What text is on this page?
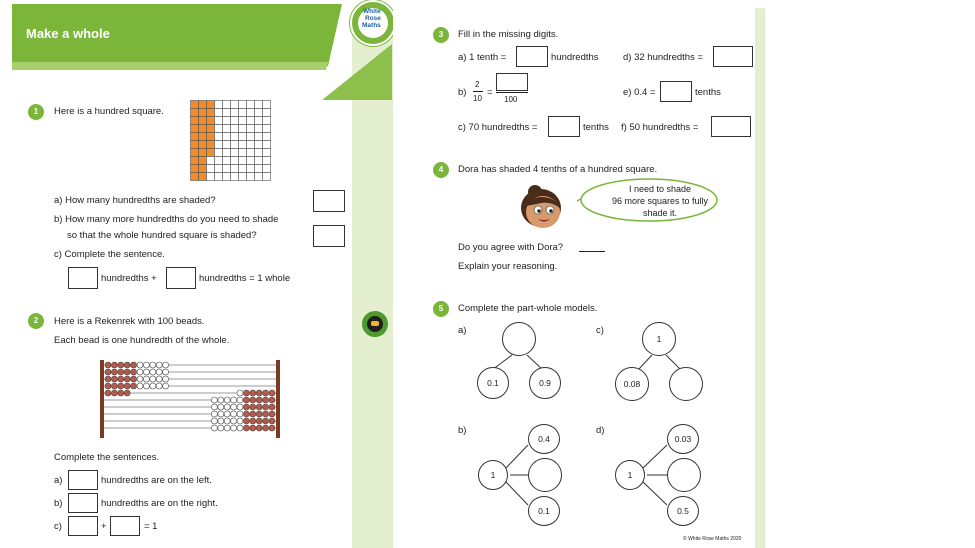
Make a whole
1	Here is a hundred square.
a) How many hundredths are shaded?
b) How many more hundredths do you need to shade
so that the whole hundred square is shaded?
c) Complete the sentence.
hundredths +	hundredths = 1 whole
2	Here is a Rekenrek with 100 beads.
Each bead is one hundredth of the whole.
Complete the sentences.
a)	hundredths are on the left.
b)	hundredths are on the right.
c)	+	= 1
White
Rose
Maths
3	Fill in the missing digits.
a) 1 tenth =	hundredths	d) 32 hundredths =
b)
2
10
=
100
e) 0.4 =	tenths
c) 70 hundredths =	tenths f) 50 hundredths =
4	Dora has shaded 4 tenths of a hundred square.
I need to shade
96 more squares to fully
shade it.
Do you agree with Dora?
Explain your reasoning.
5	Complete the part-whole models.
a)
0.1	0.9
c)
1
0.08
b)
1
0.4
0.1
d)
1
0.03
0.5
© White Rose Maths 2020
